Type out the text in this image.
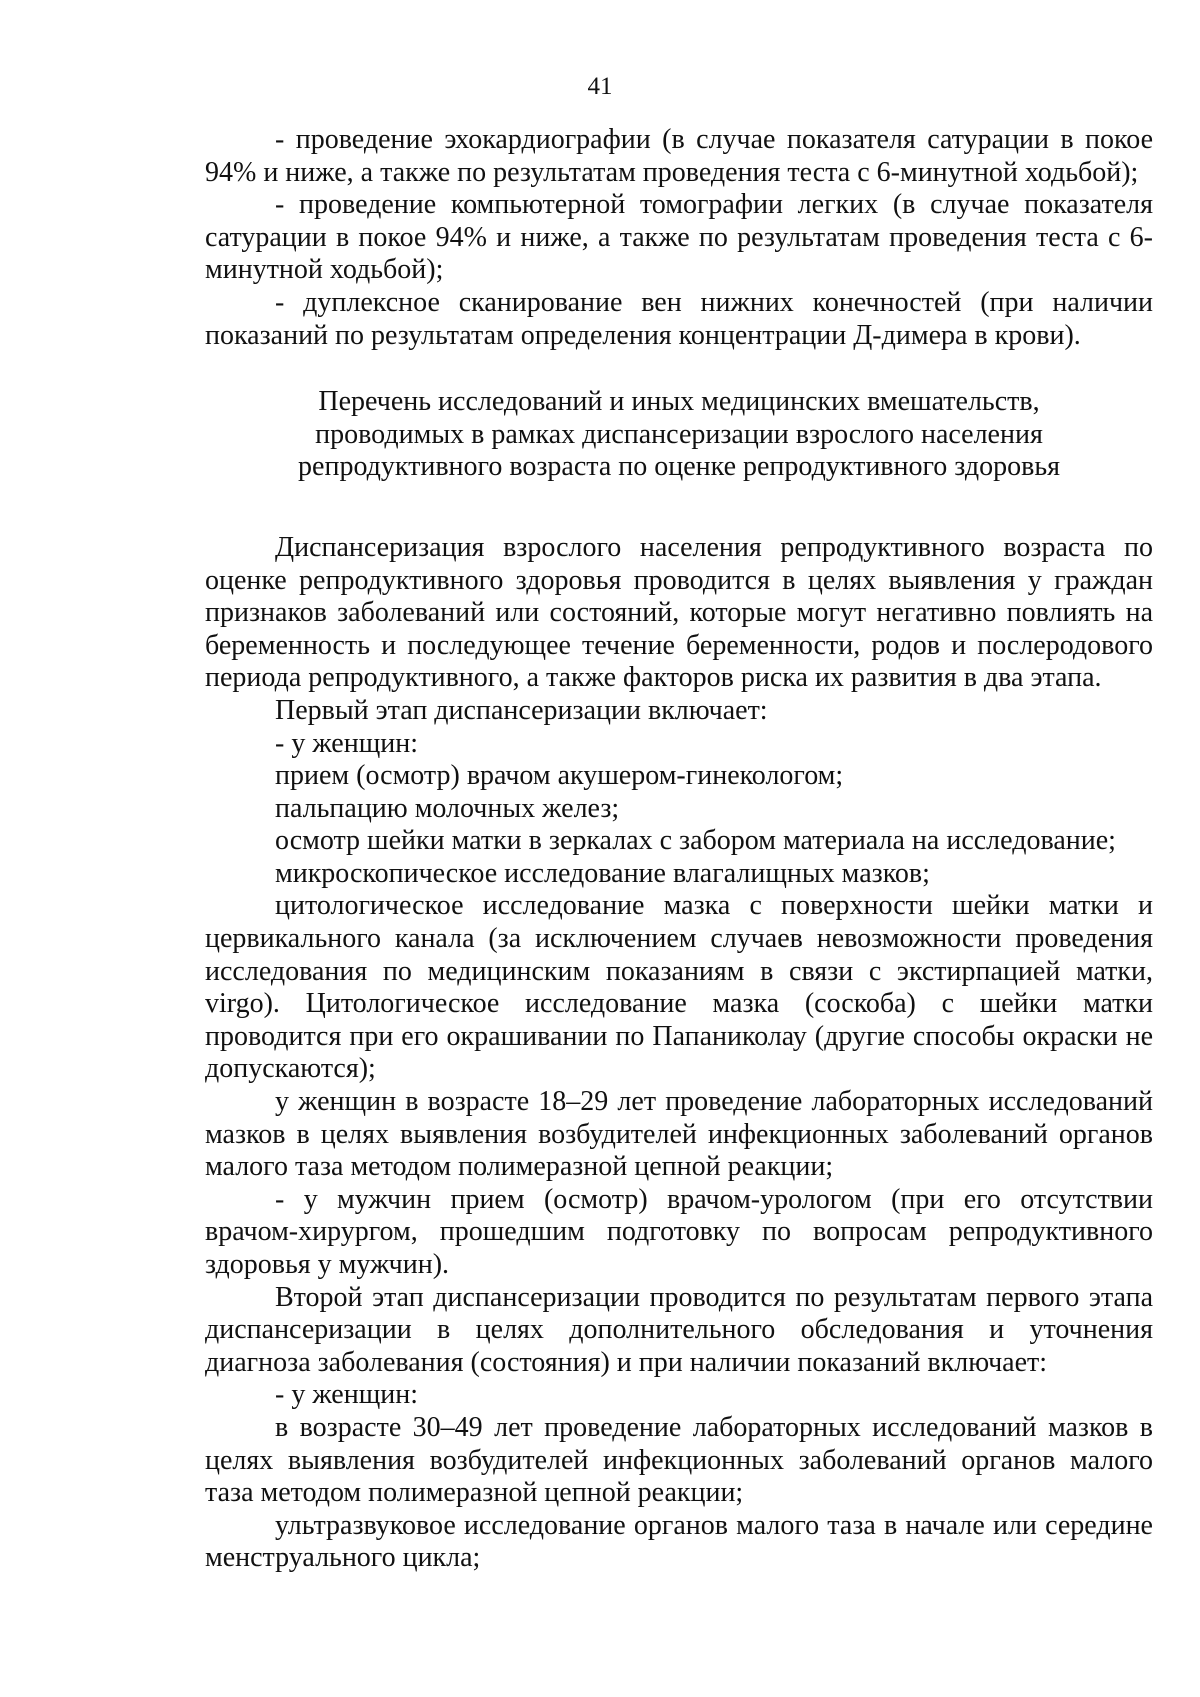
41

- проведение эхокардиографии (в случае показателя сатурации в покое 94% и ниже, а также по результатам проведения теста с 6-минутной ходьбой);

- проведение компьютерной томографии легких (в случае показателя сатурации в покое 94% и ниже, а также по результатам проведения теста с 6-минутной ходьбой);

- дуплексное сканирование вен нижних конечностей (при наличии показаний по результатам определения концентрации Д-димера в крови).

Перечень исследований и иных медицинских вмешательств,
проводимых в рамках диспансеризации взрослого населения
репродуктивного возраста по оценке репродуктивного здоровья

Диспансеризация взрослого населения репродуктивного возраста по оценке репродуктивного здоровья проводится в целях выявления у граждан признаков заболеваний или состояний, которые могут негативно повлиять на беременность и последующее течение беременности, родов и послеродового периода репродуктивного, а также факторов риска их развития в два этапа.

Первый этап диспансеризации включает:

- у женщин:

прием (осмотр) врачом акушером-гинекологом;

пальпацию молочных желез;

осмотр шейки матки в зеркалах с забором материала на исследование;

микроскопическое исследование влагалищных мазков;

цитологическое исследование мазка с поверхности шейки матки и цервикального канала (за исключением случаев невозможности проведения исследования по медицинским показаниям в связи с экстирпацией матки, virgo). Цитологическое исследование мазка (соскоба) с шейки матки проводится при его окрашивании по Папаниколау (другие способы окраски не допускаются);

у женщин в возрасте 18–29 лет проведение лабораторных исследований мазков в целях выявления возбудителей инфекционных заболеваний органов малого таза методом полимеразной цепной реакции;

- у мужчин прием (осмотр) врачом-урологом (при его отсутствии врачом-хирургом, прошедшим подготовку по вопросам репродуктивного здоровья у мужчин).

Второй этап диспансеризации проводится по результатам первого этапа диспансеризации в целях дополнительного обследования и уточнения диагноза заболевания (состояния) и при наличии показаний включает:

- у женщин:

в возрасте 30–49 лет проведение лабораторных исследований мазков в целях выявления возбудителей инфекционных заболеваний органов малого таза методом полимеразной цепной реакции;

ультразвуковое исследование органов малого таза в начале или середине менструального цикла;
